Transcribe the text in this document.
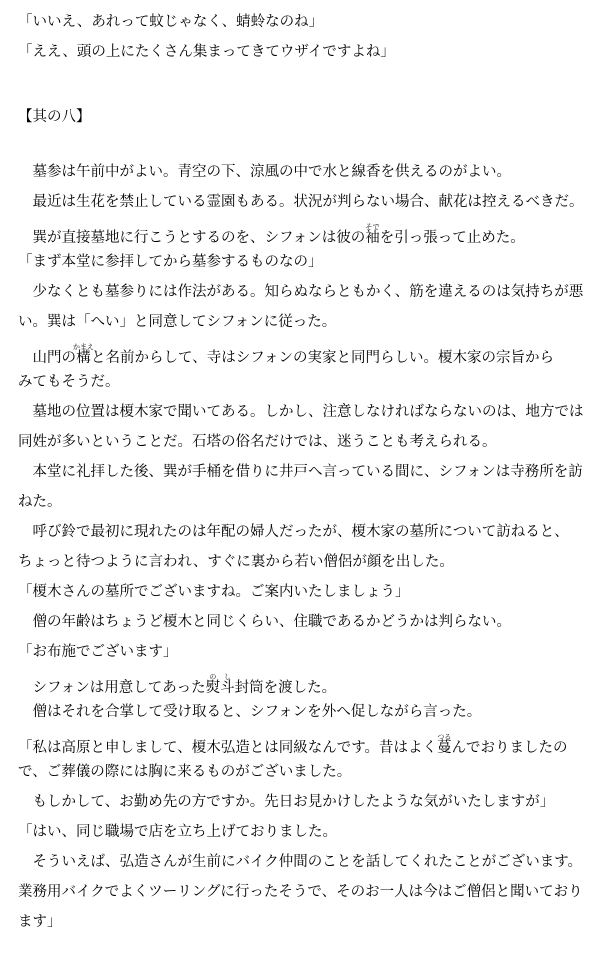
「いいえ、あれって蚊じゃなく、蜻蛉なのね」
「ええ、頭の上にたくさん集まってきてウザイですよね」
【其の八】
　墓参は午前中がよい。青空の下、涼風の中で水と線香を供えるのがよい。
　最近は生花を禁止している霊園もある。状況が判らない場合、献花は控えるべきだ。
　巽が直接墓地に行こうとするのを、シフォンは彼の袖そでを引っ張って止めた。
「まず本堂に参拝してから墓参するものなの」
　少なくとも墓参りには作法がある。知らぬならともかく、筋を違えるのは気持ちが悪
い。巽は「へい」と同意してシフォンに従った。
　山門の構かまえと名前からして、寺はシフォンの実家と同門らしい。榎木家の宗旨から
みてもそうだ。
　墓地の位置は榎木家で聞いてある。しかし、注意しなければならないのは、地方では
同姓が多いということだ。石塔の俗名だけでは、迷うことも考えられる。
　本堂に礼拝した後、巽が手桶を借りに井戸へ言っている間に、シフォンは寺務所を訪
ねた。
　呼び鈴で最初に現れたのは年配の婦人だったが、榎木家の墓所について訪ねると、
ちょっと待つように言われ、すぐに裏から若い僧侶が顔を出した。
「榎木さんの墓所でございますね。ご案内いたしましょう」
　僧の年齢はちょうど榎木と同じくらい、住職であるかどうかは判らない。
「お布施でございます」
　シフォンは用意してあった熨斗のし封筒を渡した。
　僧はそれを合掌して受け取ると、シフォンを外へ促しながら言った。
「私は高原と申しまして、榎木弘造とは同級なんです。昔はよく蔓つるんでおりましたの
で、ご葬儀の際には胸に来るものがございました。
　もしかして、お勤め先の方ですか。先日お見かけしたような気がいたしますが」
「はい、同じ職場で店を立ち上げておりました。
　そういえば、弘造さんが生前にバイク仲間のことを話してくれたことがございます。
業務用バイクでよくツーリングに行ったそうで、そのお一人は今はご僧侶と聞いており
ます」
